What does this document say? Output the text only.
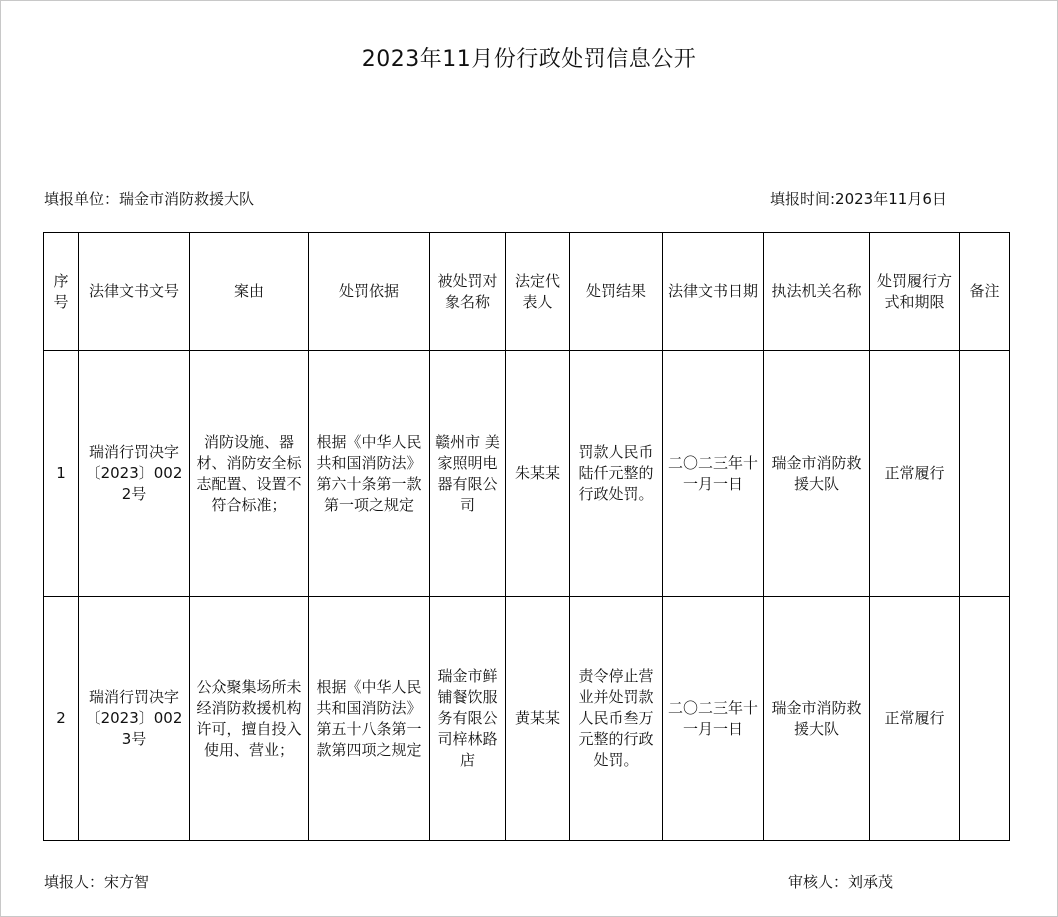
2023年11月份行政处罚信息公开
填报单位：瑞金市消防救援大队	填报时间:2023年11月6日
序号	法律文书文号	案由	处罚依据	被处罚对象名称	法定代表人	处罚结果	法律文书日期	执法机关名称	处罚履行方式和期限	备注
1	瑞消行罚决字〔2023〕0022号	消防设施、器材、消防安全标志配置、设置不符合标准；	根据《中华人民共和国消防法》第六十条第一款第一项之规定	赣州市 美家照明电器有限公司	朱某某	罚款人民币陆仟元整的行政处罚。	二〇二三年十一月一日	瑞金市消防救援大队	正常履行	
2	瑞消行罚决字〔2023〕0023号	公众聚集场所未经消防救援机构许可，擅自投入使用、营业；	根据《中华人民共和国消防法》第五十八条第一款第四项之规定	瑞金市鲜铺餐饮服务有限公司梓林路店	黄某某	责令停止营业并处罚款人民币叁万元整的行政处罚。	二〇二三年十一月一日	瑞金市消防救援大队	正常履行	
填报人：宋方智	审核人：刘承茂
